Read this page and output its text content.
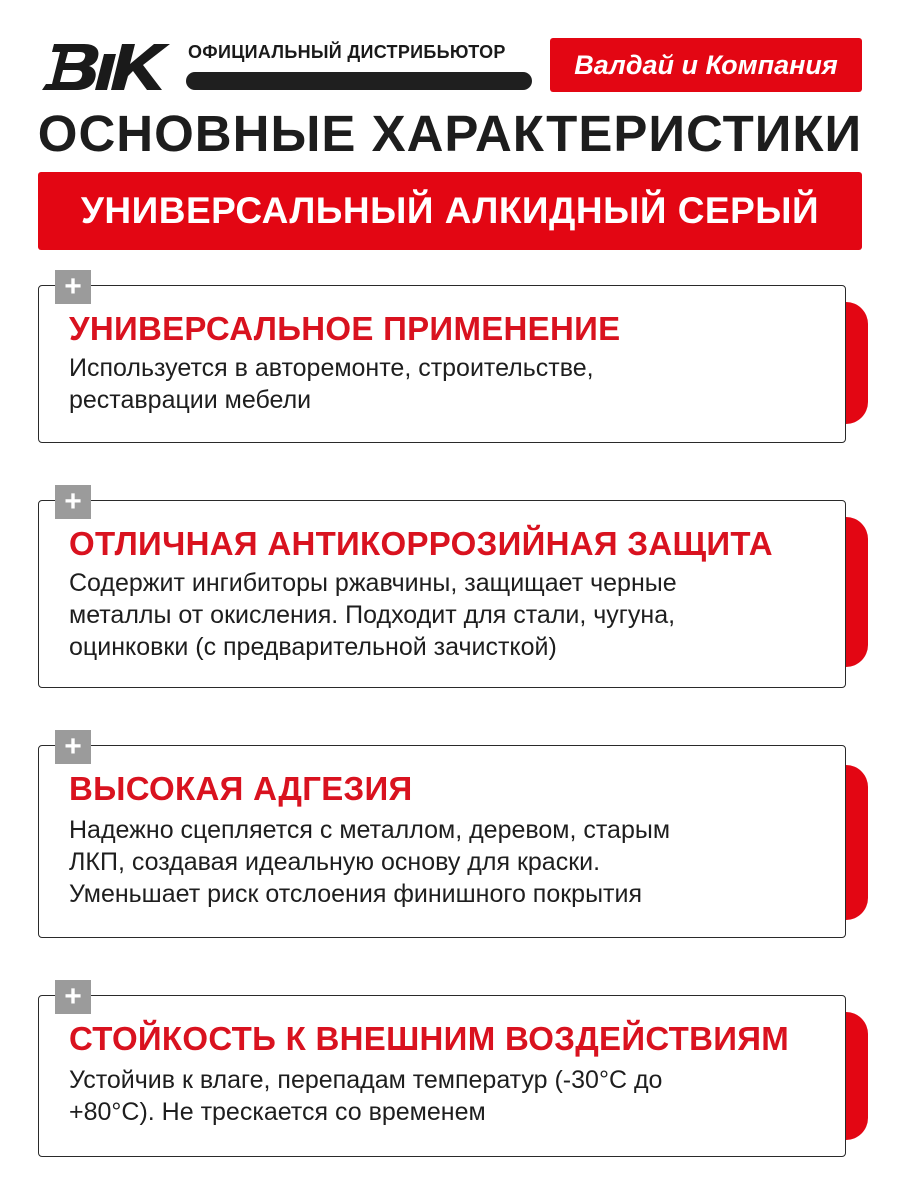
ОФИЦИАЛЬНЫЙ ДИСТРИБЬЮТОР	Валдай и Компания
ОСНОВНЫЕ ХАРАКТЕРИСТИКИ
УНИВЕРСАЛЬНЫЙ АЛКИДНЫЙ СЕРЫЙ
УНИВЕРСАЛЬНОЕ ПРИМЕНЕНИЕ
Используется в авторемонте, строительстве,
реставрации мебели
+
ОТЛИЧНАЯ АНТИКОРРОЗИЙНАЯ ЗАЩИТА
Содержит ингибиторы ржавчины, защищает черные
металлы от окисления. Подходит для стали, чугуна,
оцинковки (с предварительной зачисткой)
+
ВЫСОКАЯ АДГЕЗИЯ
Надежно сцепляется с металлом, деревом, старым
ЛКП, создавая идеальную основу для краски.
Уменьшает риск отслоения финишного покрытия
+
СТОЙКОСТЬ К ВНЕШНИМ ВОЗДЕЙСТВИЯМ
Устойчив к влаге, перепадам температур (-30°C до
+80°C). Не трескается со временем
+
